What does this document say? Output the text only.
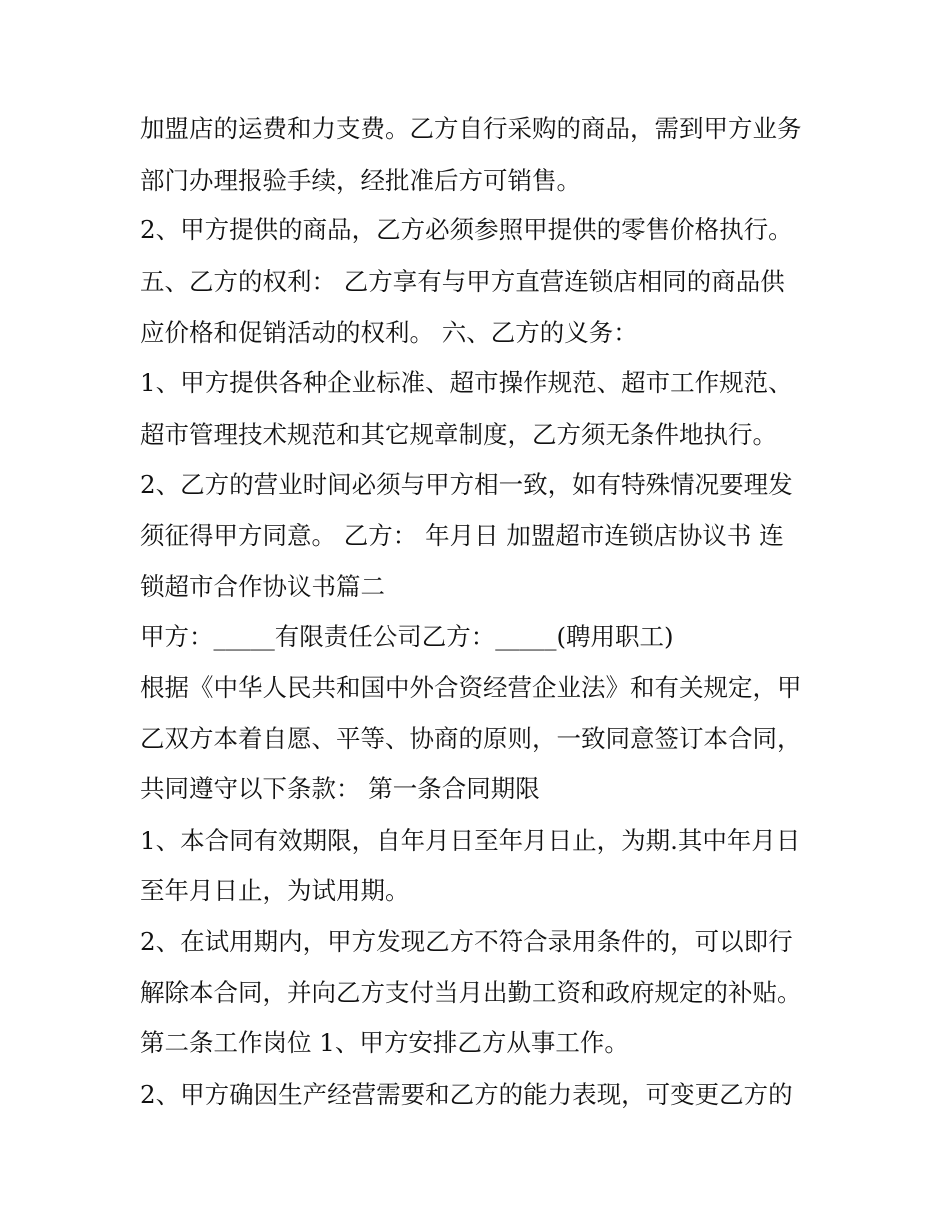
加盟店的运费和力支费。乙方自行采购的商品，需到甲方业务

部门办理报验手续，经批准后方可销售。

2、甲方提供的商品，乙方必须参照甲提供的零售价格执行。

五、乙方的权利： 乙方享有与甲方直营连锁店相同的商品供

应价格和促销活动的权利。 六、乙方的义务：

1、甲方提供各种企业标准、超市操作规范、超市工作规范、

超市管理技术规范和其它规章制度，乙方须无条件地执行。

2、乙方的营业时间必须与甲方相一致，如有特殊情况要理发

须征得甲方同意。 乙方： 年月日 加盟超市连锁店协议书 连

锁超市合作协议书篇二

甲方：_____有限责任公司乙方：_____(聘用职工)

根据《中华人民共和国中外合资经营企业法》和有关规定，甲

乙双方本着自愿、平等、协商的原则，一致同意签订本合同，

共同遵守以下条款： 第一条合同期限

1、本合同有效期限，自年月日至年月日止，为期.其中年月日

至年月日止，为试用期。

2、在试用期内，甲方发现乙方不符合录用条件的，可以即行

解除本合同，并向乙方支付当月出勤工资和政府规定的补贴。

第二条工作岗位 1、甲方安排乙方从事工作。

2、甲方确因生产经营需要和乙方的能力表现，可变更乙方的
